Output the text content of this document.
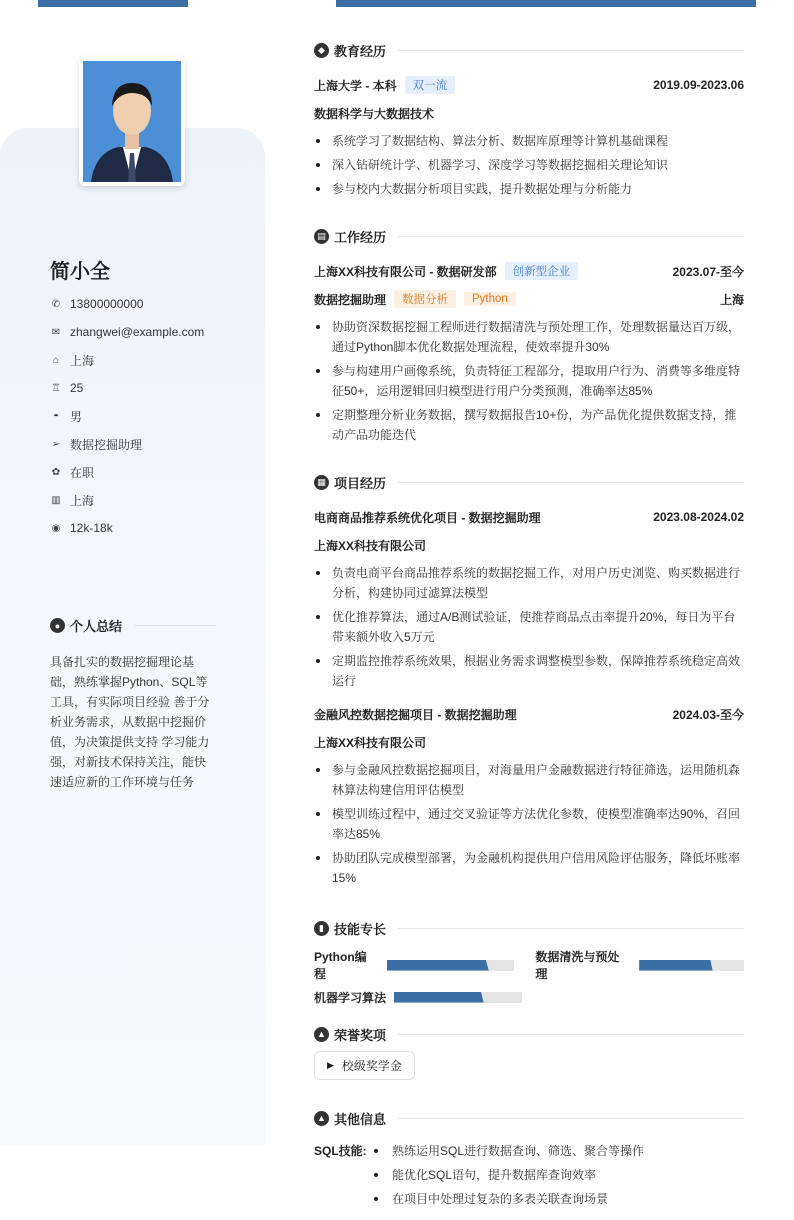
简小全
✆ 13800000000
✉ zhangwei@example.com
⌂ 上海
♖ 25
◓ 男
➢ 数据挖掘助理
✿ 在职
▥ 上海
◉ 12k-18k
● 个人总结
具备扎实的数据挖掘理论基础，熟练掌握Python、SQL等工具，有实际项目经验 善于分析业务需求，从数据中挖掘价值，为决策提供支持 学习能力强，对新技术保持关注，能快速适应新的工作环境与任务
◆ 教育经历
上海大学 - 本科	双一流	2019.09-2023.06
数据科学与大数据技术
系统学习了数据结构、算法分析、数据库原理等计算机基础课程
深入钻研统计学、机器学习、深度学习等数据挖掘相关理论知识
参与校内大数据分析项目实践，提升数据处理与分析能力
▤ 工作经历
上海XX科技有限公司 - 数据研发部	创新型企业	2023.07-至今
数据挖掘助理	数据分析	Python	上海
协助资深数据挖掘工程师进行数据清洗与预处理工作，处理数据量达百万级，通过Python脚本优化数据处理流程，使效率提升30%
参与构建用户画像系统，负责特征工程部分，提取用户行为、消费等多维度特征50+，运用逻辑回归模型进行用户分类预测，准确率达85%
定期整理分析业务数据，撰写数据报告10+份，为产品优化提供数据支持，推动产品功能迭代
▦ 项目经历
电商商品推荐系统优化项目 - 数据挖掘助理	2023.08-2024.02
上海XX科技有限公司
负责电商平台商品推荐系统的数据挖掘工作，对用户历史浏览、购买数据进行分析，构建协同过滤算法模型
优化推荐算法，通过A/B测试验证，使推荐商品点击率提升20%，每日为平台带来额外收入5万元
定期监控推荐系统效果，根据业务需求调整模型参数，保障推荐系统稳定高效运行
金融风控数据挖掘项目 - 数据挖掘助理	2024.03-至今
上海XX科技有限公司
参与金融风控数据挖掘项目，对海量用户金融数据进行特征筛选，运用随机森林算法构建信用评估模型
模型训练过程中，通过交叉验证等方法优化参数，使模型准确率达90%，召回率达85%
协助团队完成模型部署，为金融机构提供用户信用风险评估服务，降低坏账率15%
▮ 技能专长
Python编程
数据清洗与预处理
机器学习算法
▲ 荣誉奖项
▶ 校级奖学金
▲ 其他信息
SQL技能:	熟练运用SQL进行数据查询、筛选、聚合等操作
能优化SQL语句，提升数据库查询效率
在项目中处理过复杂的多表关联查询场景
